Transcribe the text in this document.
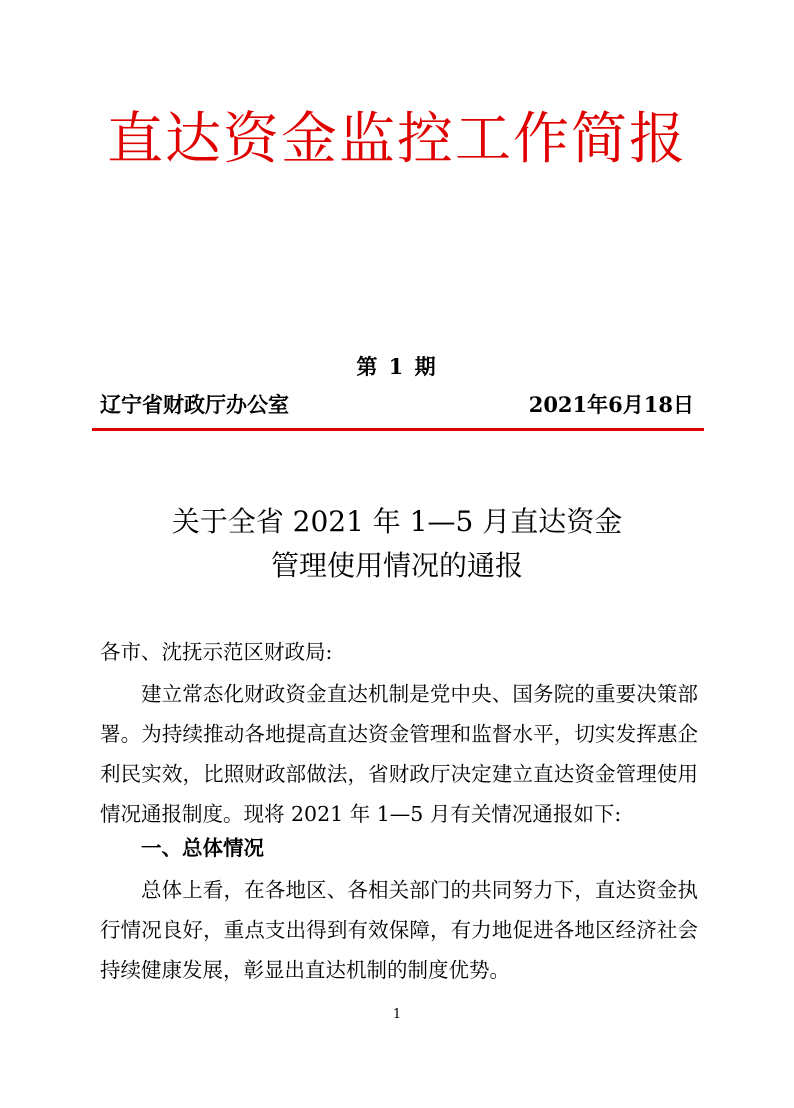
直达资金监控工作简报
第 1 期
辽宁省财政厅办公室	2021年6月18日
关于全省 2021 年 1—5 月直达资金
管理使用情况的通报

各市、沈抚示范区财政局:

建立常态化财政资金直达机制是党中央、国务院的重要决策部署。为持续推动各地提高直达资金管理和监督水平，切实发挥惠企利民实效，比照财政部做法，省财政厅决定建立直达资金管理使用情况通报制度。现将 2021 年 1—5 月有关情况通报如下:

一、总体情况

总体上看，在各地区、各相关部门的共同努力下，直达资金执行情况良好，重点支出得到有效保障，有力地促进各地区经济社会持续健康发展，彰显出直达机制的制度优势。

1
